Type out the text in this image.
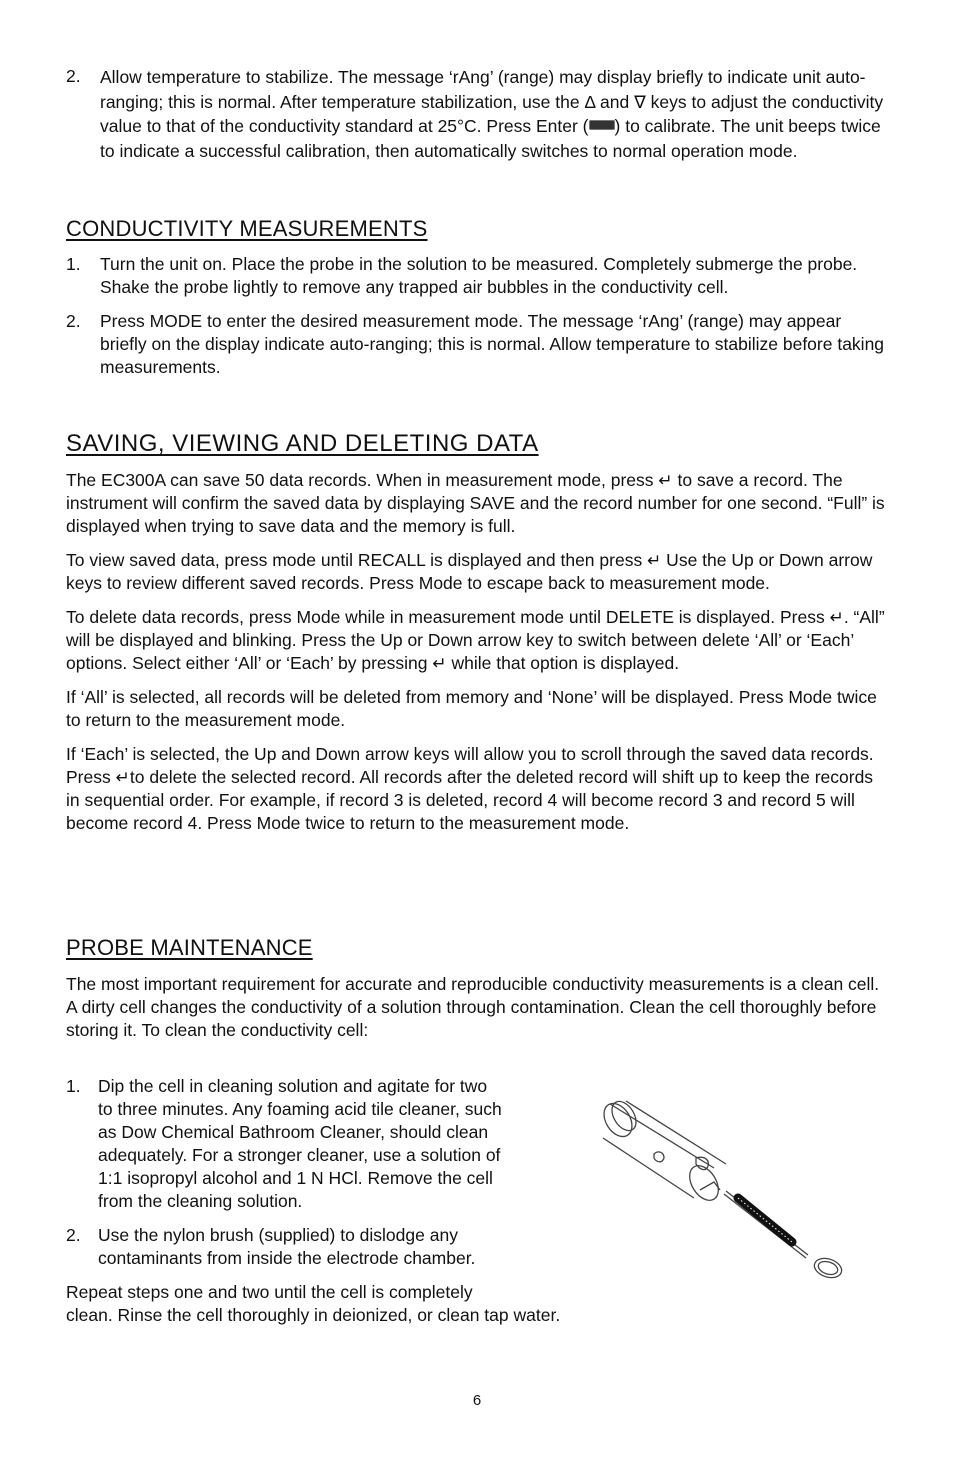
2. Allow temperature to stabilize. The message ‘rAng’ (range) may display briefly to indicate unit auto-ranging; this is normal. After temperature stabilization, use the Δ and ∇ keys to adjust the conductivity value to that of the conductivity standard at 25°C. Press Enter ( ) to calibrate. The unit beeps twice to indicate a successful calibration, then automatically switches to normal operation mode.

CONDUCTIVITY MEASUREMENTS
1. Turn the unit on. Place the probe in the solution to be measured. Completely submerge the probe. Shake the probe lightly to remove any trapped air bubbles in the conductivity cell.

2. Press MODE to enter the desired measurement mode. The message ‘rAng’ (range) may appear briefly on the display indicate auto-ranging; this is normal. Allow temperature to stabilize before taking measurements.

SAVING, VIEWING AND DELETING DATA

The EC300A can save 50 data records. When in measurement mode, press ↵ to save a record. The instrument will confirm the saved data by displaying SAVE and the record number for one second. “Full” is displayed when trying to save data and the memory is full.

To view saved data, press mode until RECALL is displayed and then press ↵ Use the Up or Down arrow keys to review different saved records. Press Mode to escape back to measurement mode.

To delete data records, press Mode while in measurement mode until DELETE is displayed. Press ↵. “All” will be displayed and blinking. Press the Up or Down arrow key to switch between delete ‘All’ or ‘Each’ options. Select either ‘All’ or ‘Each’ by pressing ↵ while that option is displayed.

If ‘All’ is selected, all records will be deleted from memory and ‘None’ will be displayed. Press Mode twice to return to the measurement mode.

If ‘Each’ is selected, the Up and Down arrow keys will allow you to scroll through the saved data records. Press ↵to delete the selected record. All records after the deleted record will shift up to keep the records in sequential order. For example, if record 3 is deleted, record 4 will become record 3 and record 5 will become record 4. Press Mode twice to return to the measurement mode.

PROBE MAINTENANCE

The most important requirement for accurate and reproducible conductivity measurements is a clean cell. A dirty cell changes the conductivity of a solution through contamination. Clean the cell thoroughly before storing it. To clean the conductivity cell:

1. Dip the cell in cleaning solution and agitate for two
to three minutes. Any foaming acid tile cleaner, such
as Dow Chemical Bathroom Cleaner, should clean
adequately. For a stronger cleaner, use a solution of
1:1 isopropyl alcohol and 1 N HCl. Remove the cell
from the cleaning solution.
2. Use the nylon brush (supplied) to dislodge any
contaminants from inside the electrode chamber.
Repeat steps one and two until the cell is completely
clean. Rinse the cell thoroughly in deionized, or clean tap water.
6
